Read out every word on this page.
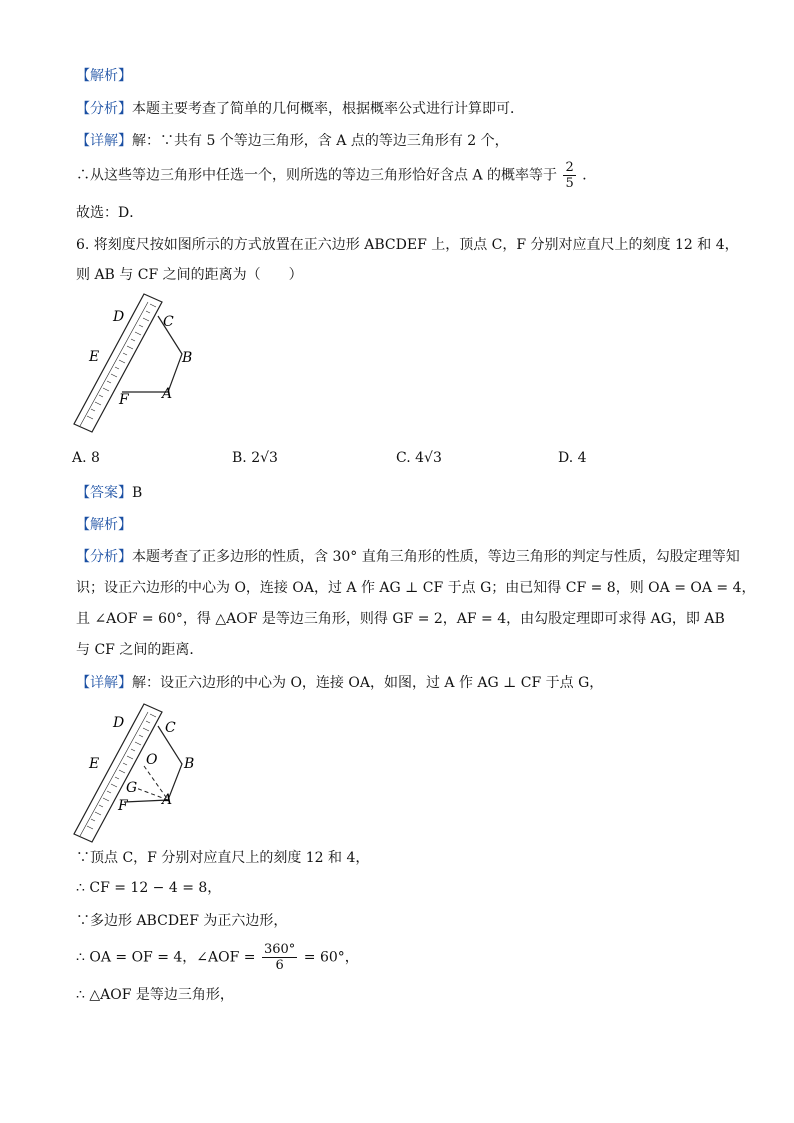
【解析】
【分析】本题主要考查了简单的几何概率，根据概率公式进行计算即可．
【详解】解：∵共有 5 个等边三角形，含 A 点的等边三角形有 2 个，
∴从这些等边三角形中任选一个，则所选的等边三角形恰好含点 A 的概率等于 $\frac{2}{5}$ ．
故选：D．
6. 将刻度尺按如图所示的方式放置在正六边形 ABCDEF 上，顶点 C，F 分别对应直尺上的刻度 12 和 4，
则 AB 与 CF 之间的距离为（　　）
D	C
E	B
F A
A. 8	B. 2√3	C. 4√3	D. 4
【答案】B
【解析】
【分析】本题考查了正多边形的性质，含 30° 直角三角形的性质，等边三角形的判定与性质，勾股定理等知
识；设正六边形的中心为 O，连接 OA，过 A 作 AG ⊥ CF 于点 G；由已知得 CF = 8，则 OA = OA = 4，
且 ∠AOF = 60°，得 △AOF 是等边三角形，则得 GF = 2，AF = 4，由勾股定理即可求得 AG，即 AB
与 CF 之间的距离．
【详解】解：设正六边形的中心为 O，连接 OA，如图，过 A 作 AG ⊥ CF 于点 G，
D	C
E	O B
G
A
F
∵顶点 C，F 分别对应直尺上的刻度 12 和 4，
∴ CF = 12 − 4 = 8，
∵多边形 ABCDEF 为正六边形，
∴ OA = OF = 4，∠AOF = $\frac{360^\circ}{6} = 60^\circ$，
∴ △AOF 是等边三角形，
